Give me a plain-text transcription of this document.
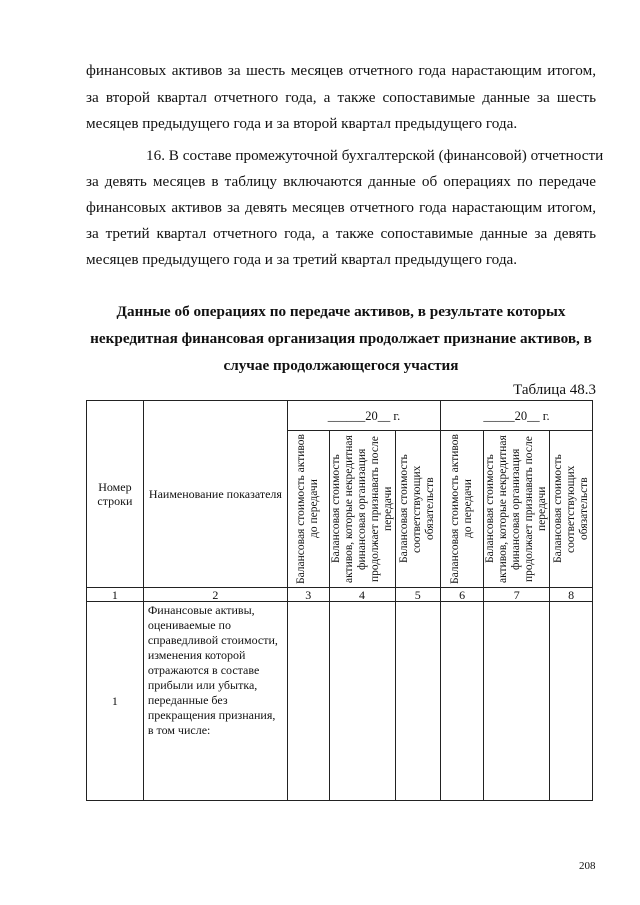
финансовых активов за шесть месяцев отчетного года нарастающим итогом,
за второй квартал отчетного года, а также сопоставимые данные за шесть
месяцев предыдущего года и за второй квартал предыдущего года.
16. В составе промежуточной бухгалтерской (финансовой) отчетности
за девять месяцев в таблицу включаются данные об операциях по передаче
финансовых активов за девять месяцев отчетного года нарастающим итогом,
за третий квартал отчетного года, а также сопоставимые данные за девять
месяцев предыдущего года и за третий квартал предыдущего года.
Данные об операциях по передаче активов, в результате которых
некредитная финансовая организация продолжает признание активов, в
случае продолжающегося участия
Таблица 48.3
Номер строки	Наименование показателя	______20__ г.			_____20__ г.		

		Балансовая стоимость активов до передачи	Балансовая стоимость активов, которые некредитная финансовая организация продолжает признавать после передачи	Балансовая стоимость соответствующих обязательств	Балансовая стоимость активов до передачи	Балансовая стоимость активов, которые некредитная финансовая организация продолжает признавать после передачи	Балансовая стоимость соответствующих обязательств

1	2	3	4	5	6	7	8
1	Финансовые активы, оцениваемые по справедливой стоимости, изменения которой отражаются в составе прибыли или убытка, переданные без прекращения признания, в том числе:						
208
